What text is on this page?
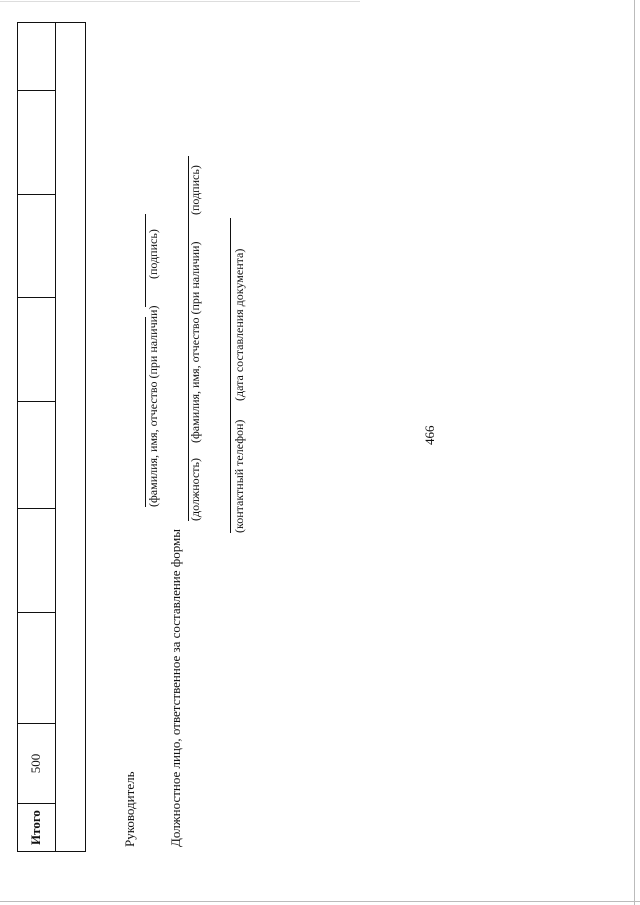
Итого	500							

466
Руководитель
(фамилия, имя, отчество (при наличии)
(подпись)
Должностное лицо, ответственное за составление формы
(должность)
(фамилия, имя, отчество (при наличии)
(подпись)
(контактный телефон)
(дата составления документа)
